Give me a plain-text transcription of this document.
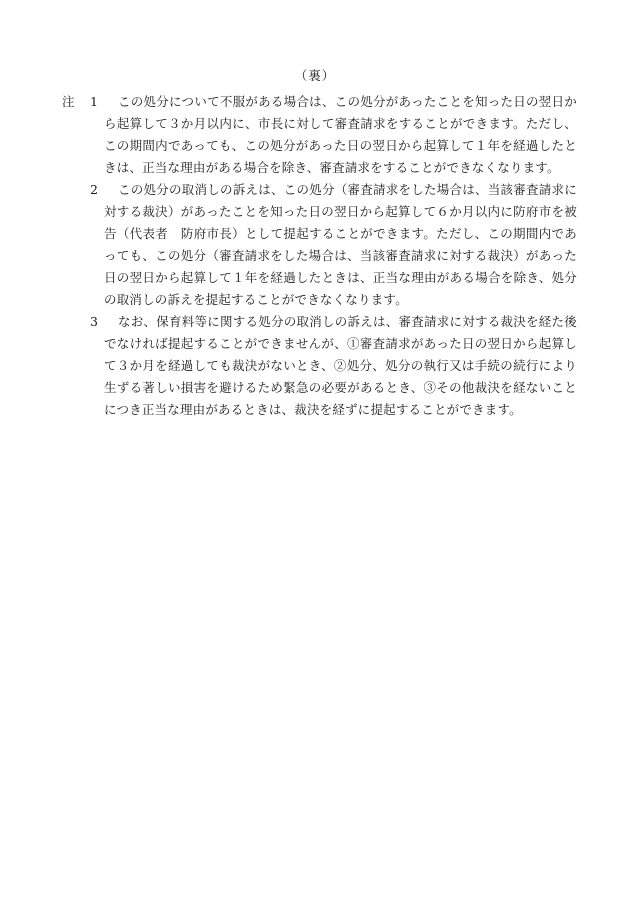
（裏）
注 1	この処分について不服がある場合は、この処分があったことを知った日の翌日から起算して３か月以内に、市長に対して審査請求をすることができます。ただし、この期間内であっても、この処分があった日の翌日から起算して１年を経過したときは、正当な理由がある場合を除き、審査請求をすることができなくなります。

2	この処分の取消しの訴えは、この処分（審査請求をした場合は、当該審査請求に対する裁決）があったことを知った日の翌日から起算して６か月以内に防府市を被告（代表者　防府市長）として提起することができます。ただし、この期間内であっても、この処分（審査請求をした場合は、当該審査請求に対する裁決）があった日の翌日から起算して１年を経過したときは、正当な理由がある場合を除き、処分の取消しの訴えを提起することができなくなります。

3	なお、保育料等に関する処分の取消しの訴えは、審査請求に対する裁決を経た後でなければ提起することができませんが、①審査請求があった日の翌日から起算して３か月を経過しても裁決がないとき、②処分、処分の執行又は手続の続行により生ずる著しい損害を避けるため緊急の必要があるとき、③その他裁決を経ないことにつき正当な理由があるときは、裁決を経ずに提起することができます。
